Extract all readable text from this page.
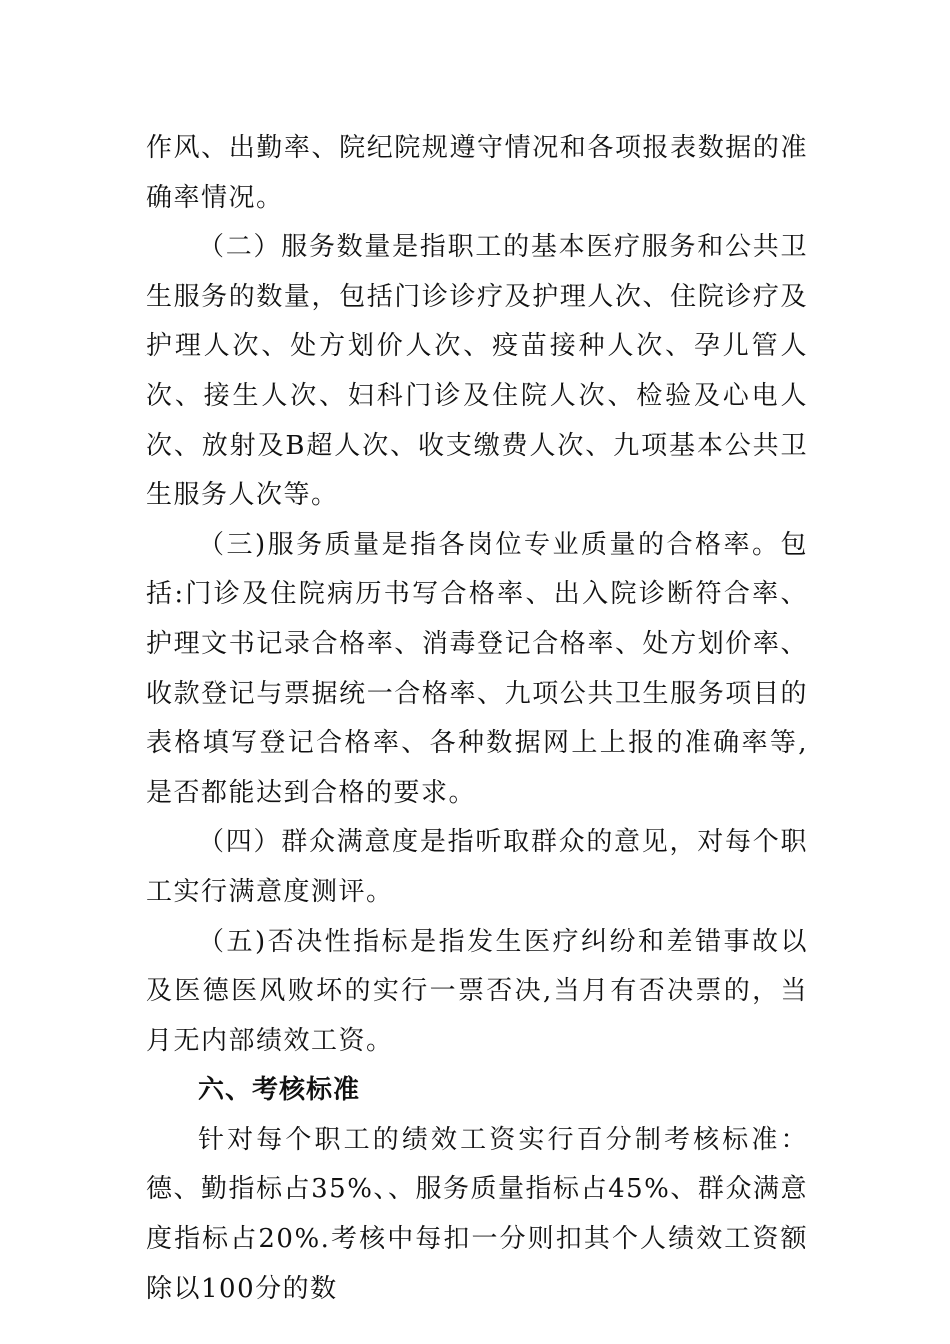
作风、出勤率、院纪院规遵守情况和各项报表数据的准确率情况。

（二）服务数量是指职工的基本医疗服务和公共卫生服务的数量，包括门诊诊疗及护理人次、住院诊疗及护理人次、处方划价人次、疫苗接种人次、孕儿管人次、接生人次、妇科门诊及住院人次、检验及心电人次、放射及B超人次、收支缴费人次、九项基本公共卫生服务人次等。

（三)服务质量是指各岗位专业质量的合格率。包括:门诊及住院病历书写合格率、出入院诊断符合率、护理文书记录合格率、消毒登记合格率、处方划价率、收款登记与票据统一合格率、九项公共卫生服务项目的表格填写登记合格率、各种数据网上上报的准确率等,是否都能达到合格的要求。

（四）群众满意度是指听取群众的意见，对每个职工实行满意度测评。

（五)否决性指标是指发生医疗纠纷和差错事故以及医德医风败坏的实行一票否决,当月有否决票的，当月无内部绩效工资。

六、考核标准

针对每个职工的绩效工资实行百分制考核标准：德、勤指标占35%、、服务质量指标占45%、群众满意度指标占20%.考核中每扣一分则扣其个人绩效工资额除以100分的数
